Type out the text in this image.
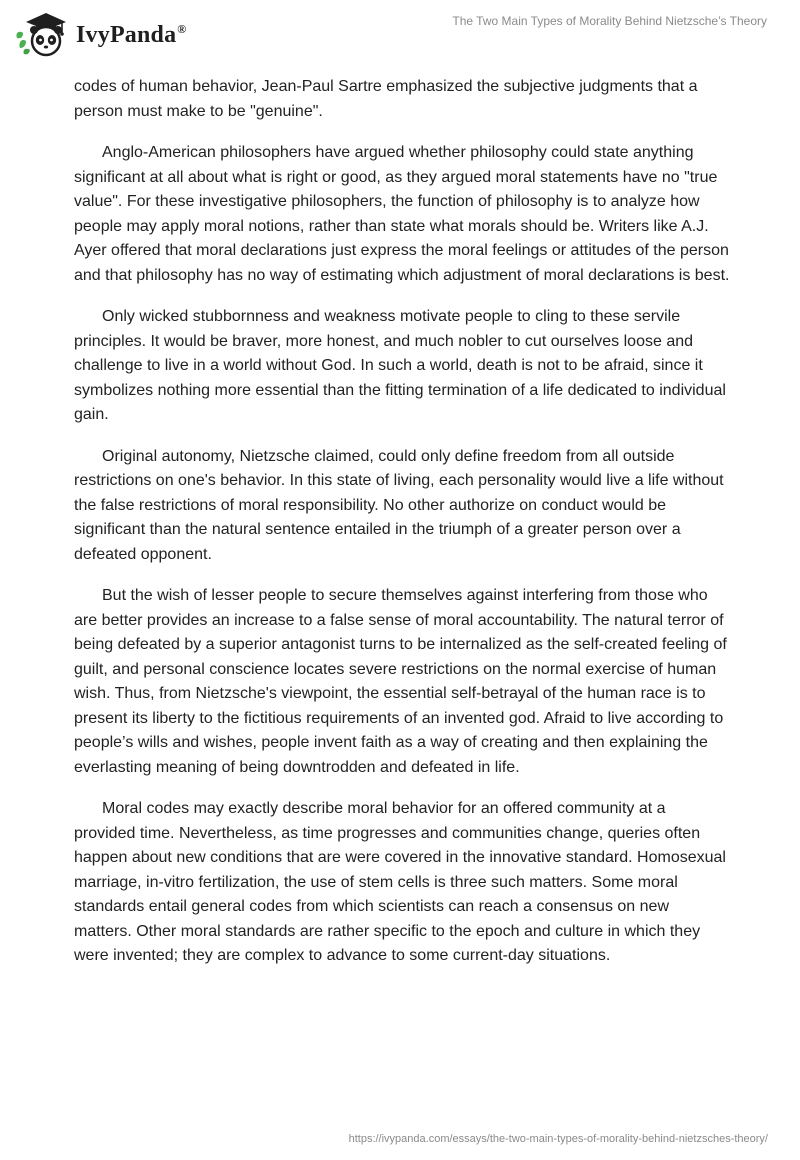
IvyPanda®
The Two Main Types of Morality Behind Nietzsche’s Theory

codes of human behavior, Jean-Paul Sartre emphasized the subjective judgments that a person must make to be "genuine".

Anglo-American philosophers have argued whether philosophy could state anything significant at all about what is right or good, as they argued moral statements have no "true value". For these investigative philosophers, the function of philosophy is to analyze how people may apply moral notions, rather than state what morals should be. Writers like A.J. Ayer offered that moral declarations just express the moral feelings or attitudes of the person and that philosophy has no way of estimating which adjustment of moral declarations is best.

Only wicked stubbornness and weakness motivate people to cling to these servile principles. It would be braver, more honest, and much nobler to cut ourselves loose and challenge to live in a world without God. In such a world, death is not to be afraid, since it symbolizes nothing more essential than the fitting termination of a life dedicated to individual gain.

Original autonomy, Nietzsche claimed, could only define freedom from all outside restrictions on one's behavior. In this state of living, each personality would live a life without the false restrictions of moral responsibility. No other authorize on conduct would be significant than the natural sentence entailed in the triumph of a greater person over a defeated opponent.

But the wish of lesser people to secure themselves against interfering from those who are better provides an increase to a false sense of moral accountability. The natural terror of being defeated by a superior antagonist turns to be internalized as the self-created feeling of guilt, and personal conscience locates severe restrictions on the normal exercise of human wish. Thus, from Nietzsche's viewpoint, the essential self-betrayal of the human race is to present its liberty to the fictitious requirements of an invented god. Afraid to live according to people’s wills and wishes, people invent faith as a way of creating and then explaining the everlasting meaning of being downtrodden and defeated in life.

Moral codes may exactly describe moral behavior for an offered community at a provided time. Nevertheless, as time progresses and communities change, queries often happen about new conditions that are were covered in the innovative standard. Homosexual marriage, in-vitro fertilization, the use of stem cells is three such matters. Some moral standards entail general codes from which scientists can reach a consensus on new matters. Other moral standards are rather specific to the epoch and culture in which they were invented; they are complex to advance to some current-day situations.

https://ivypanda.com/essays/the-two-main-types-of-morality-behind-nietzsches-theory/
